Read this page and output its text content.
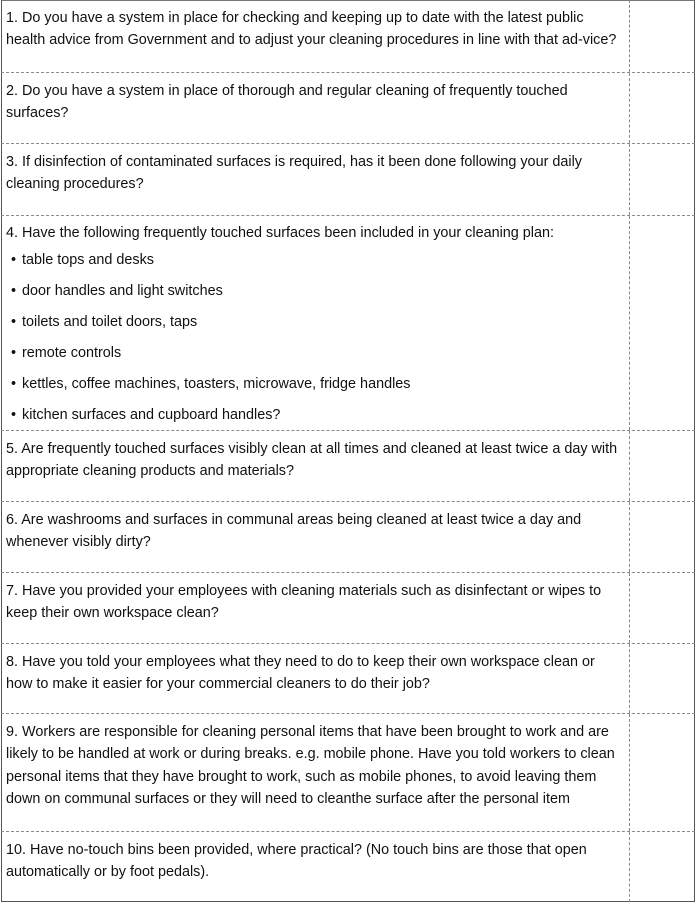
1. Do you have a system in place for checking and keeping up to date with the latest public health advice from Government and to adjust your cleaning procedures in line with that ad-vice?
2. Do you have a system in place of thorough and regular cleaning of frequently touched surfaces?
3. If disinfection of contaminated surfaces is required, has it been done following your daily cleaning procedures?
4. Have the following frequently touched surfaces been included in your cleaning plan:
• table tops and desks
• door handles and light switches
• toilets and toilet doors, taps
• remote controls
• kettles, coffee machines, toasters, microwave, fridge handles
• kitchen surfaces and cupboard handles?
5. Are frequently touched surfaces visibly clean at all times and cleaned at least twice a day with appropriate cleaning products and materials?
6. Are washrooms and surfaces in communal areas being cleaned at least twice a day and whenever visibly dirty?
7. Have you provided your employees with cleaning materials such as disinfectant or wipes to keep their own workspace clean?
8. Have you told your employees what they need to do to keep their own workspace clean or how to make it easier for your commercial cleaners to do their job?
9. Workers are responsible for cleaning personal items that have been brought to work and are likely to be handled at work or during breaks. e.g. mobile phone. Have you told workers to clean personal items that they have brought to work, such as mobile phones, to avoid leaving them down on communal surfaces or they will need to cleanthe surface after the personal item
10. Have no-touch bins been provided, where practical? (No touch bins are those that open automatically or by foot pedals).
